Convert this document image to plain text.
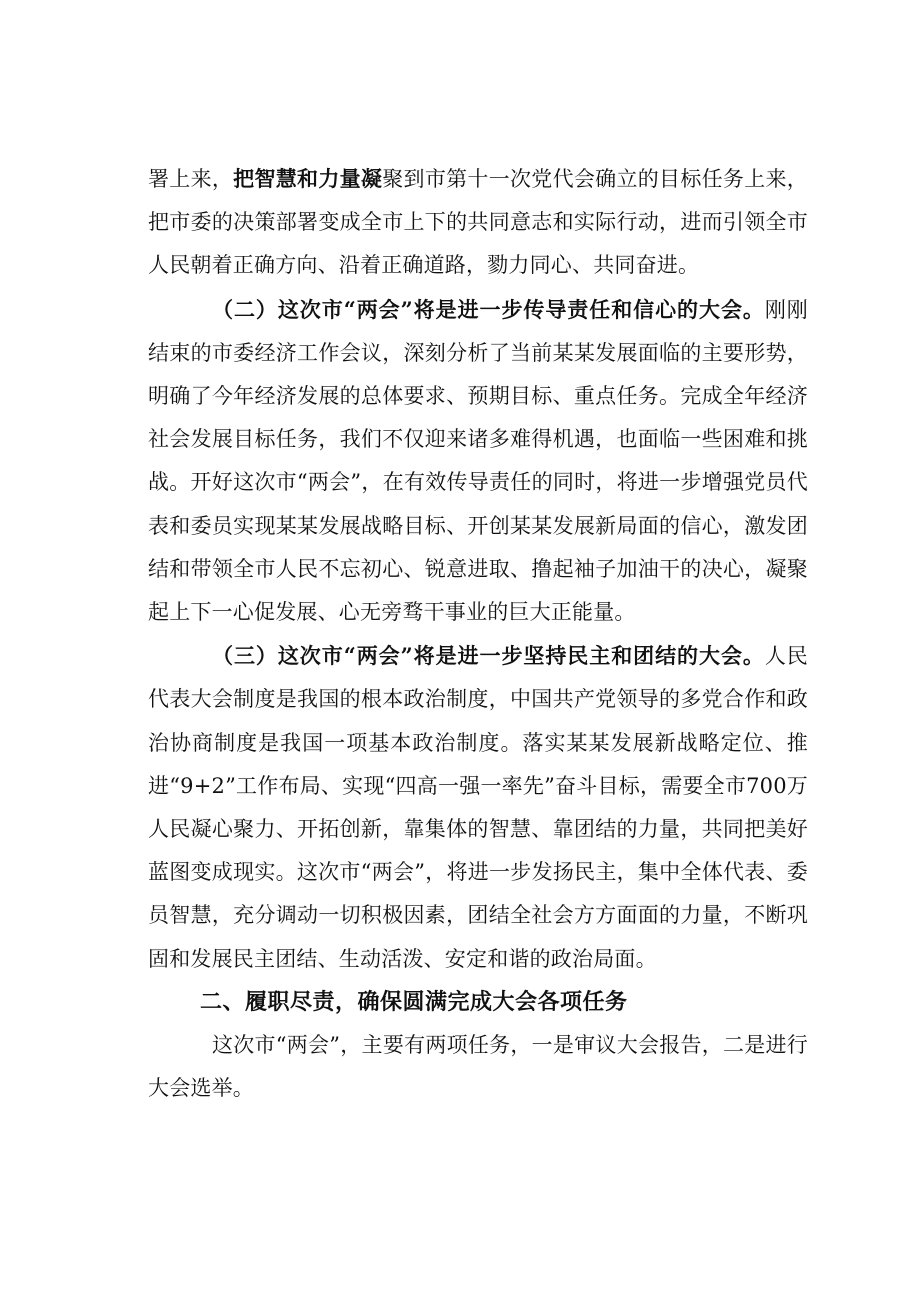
署上来，把智慧和力量凝聚到市第十一次党代会确立的目标任务上来，把市委的决策部署变成全市上下的共同意志和实际行动，进而引领全市人民朝着正确方向、沿着正确道路，勠力同心、共同奋进。

（二）这次市“两会”将是进一步传导责任和信心的大会。刚刚结束的市委经济工作会议，深刻分析了当前某某发展面临的主要形势，明确了今年经济发展的总体要求、预期目标、重点任务。完成全年经济社会发展目标任务，我们不仅迎来诸多难得机遇，也面临一些困难和挑战。开好这次市“两会”，在有效传导责任的同时，将进一步增强党员代表和委员实现某某发展战略目标、开创某某发展新局面的信心，激发团结和带领全市人民不忘初心、锐意进取、撸起袖子加油干的决心，凝聚起上下一心促发展、心无旁骛干事业的巨大正能量。

（三）这次市“两会”将是进一步坚持民主和团结的大会。人民代表大会制度是我国的根本政治制度，中国共产党领导的多党合作和政治协商制度是我国一项基本政治制度。落实某某发展新战略定位、推进“9+2”工作布局、实现“四高一强一率先”奋斗目标，需要全市700万人民凝心聚力、开拓创新，靠集体的智慧、靠团结的力量，共同把美好蓝图变成现实。这次市“两会”，将进一步发扬民主，集中全体代表、委员智慧，充分调动一切积极因素，团结全社会方方面面的力量，不断巩固和发展民主团结、生动活泼、安定和谐的政治局面。

二、履职尽责，确保圆满完成大会各项任务

这次市“两会”，主要有两项任务，一是审议大会报告，二是进行大会选举。
